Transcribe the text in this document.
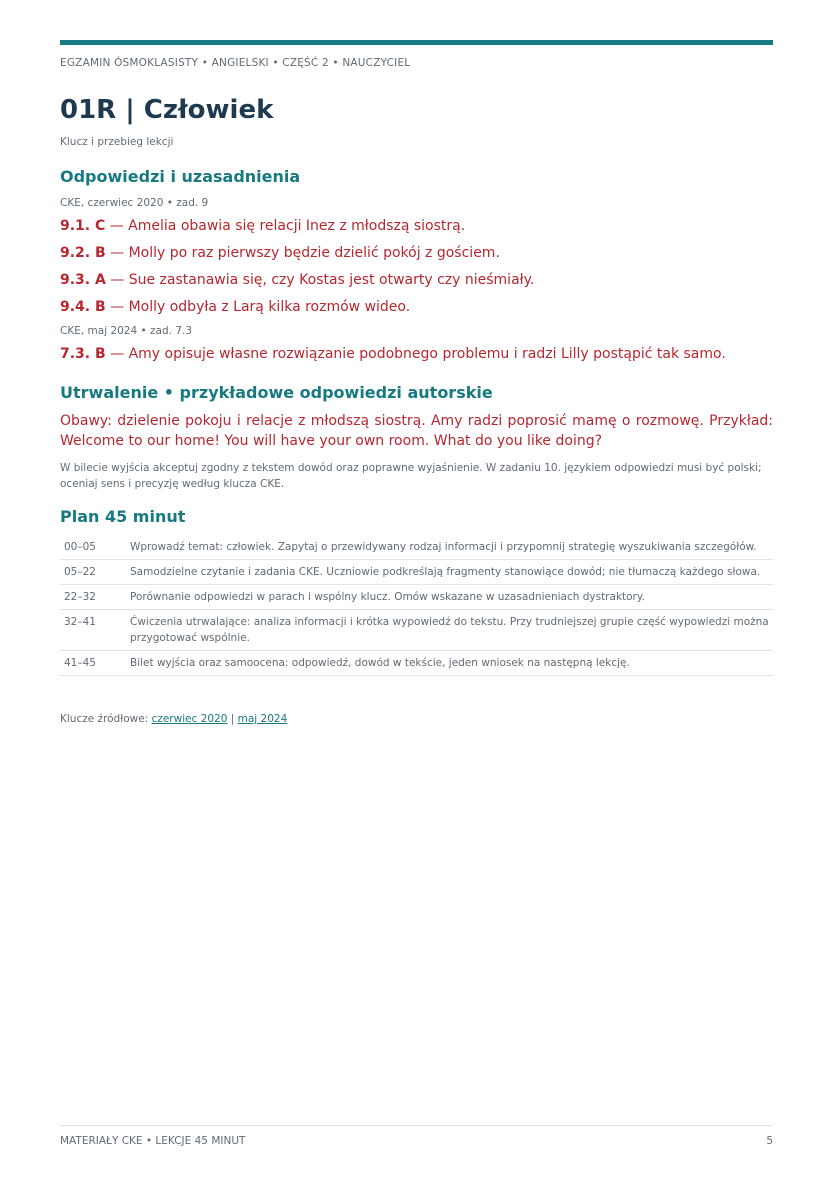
EGZAMIN ÓSMOKLASISTY • ANGIELSKI • CZĘŚĆ 2 • NAUCZYCIEL
01R | Człowiek
Klucz i przebieg lekcji
Odpowiedzi i uzasadnienia
CKE, czerwiec 2020 • zad. 9
9.1. C — Amelia obawia się relacji Inez z młodszą siostrą.
9.2. B — Molly po raz pierwszy będzie dzielić pokój z gościem.
9.3. A — Sue zastanawia się, czy Kostas jest otwarty czy nieśmiały.
9.4. B — Molly odbyła z Larą kilka rozmów wideo.
CKE, maj 2024 • zad. 7.3
7.3. B — Amy opisuje własne rozwiązanie podobnego problemu i radzi Lilly postąpić tak samo.
Utrwalenie • przykładowe odpowiedzi autorskie
Obawy: dzielenie pokoju i relacje z młodszą siostrą. Amy radzi poprosić mamę o rozmowę. Przykład: Welcome to our home! You will have your own room. What do you like doing?
W bilecie wyjścia akceptuj zgodny z tekstem dowód oraz poprawne wyjaśnienie. W zadaniu 10. językiem odpowiedzi musi być polski; oceniaj sens i precyzję według klucza CKE.
Plan 45 minut
00–05	Wprowadź temat: człowiek. Zapytaj o przewidywany rodzaj informacji i przypomnij strategię wyszukiwania szczegółów.
05–22	Samodzielne czytanie i zadania CKE. Uczniowie podkreślają fragmenty stanowiące dowód; nie tłumaczą każdego słowa.
22–32	Porównanie odpowiedzi w parach i wspólny klucz. Omów wskazane w uzasadnieniach dystraktory.
32–41	Ćwiczenia utrwalające: analiza informacji i krótka wypowiedź do tekstu. Przy trudniejszej grupie część wypowiedzi można przygotować wspólnie.
41–45	Bilet wyjścia oraz samoocena: odpowiedź, dowód w tekście, jeden wniosek na następną lekcję.
Klucze źródłowe: czerwiec 2020 | maj 2024
MATERIAŁY CKE • LEKCJE 45 MINUT	5
